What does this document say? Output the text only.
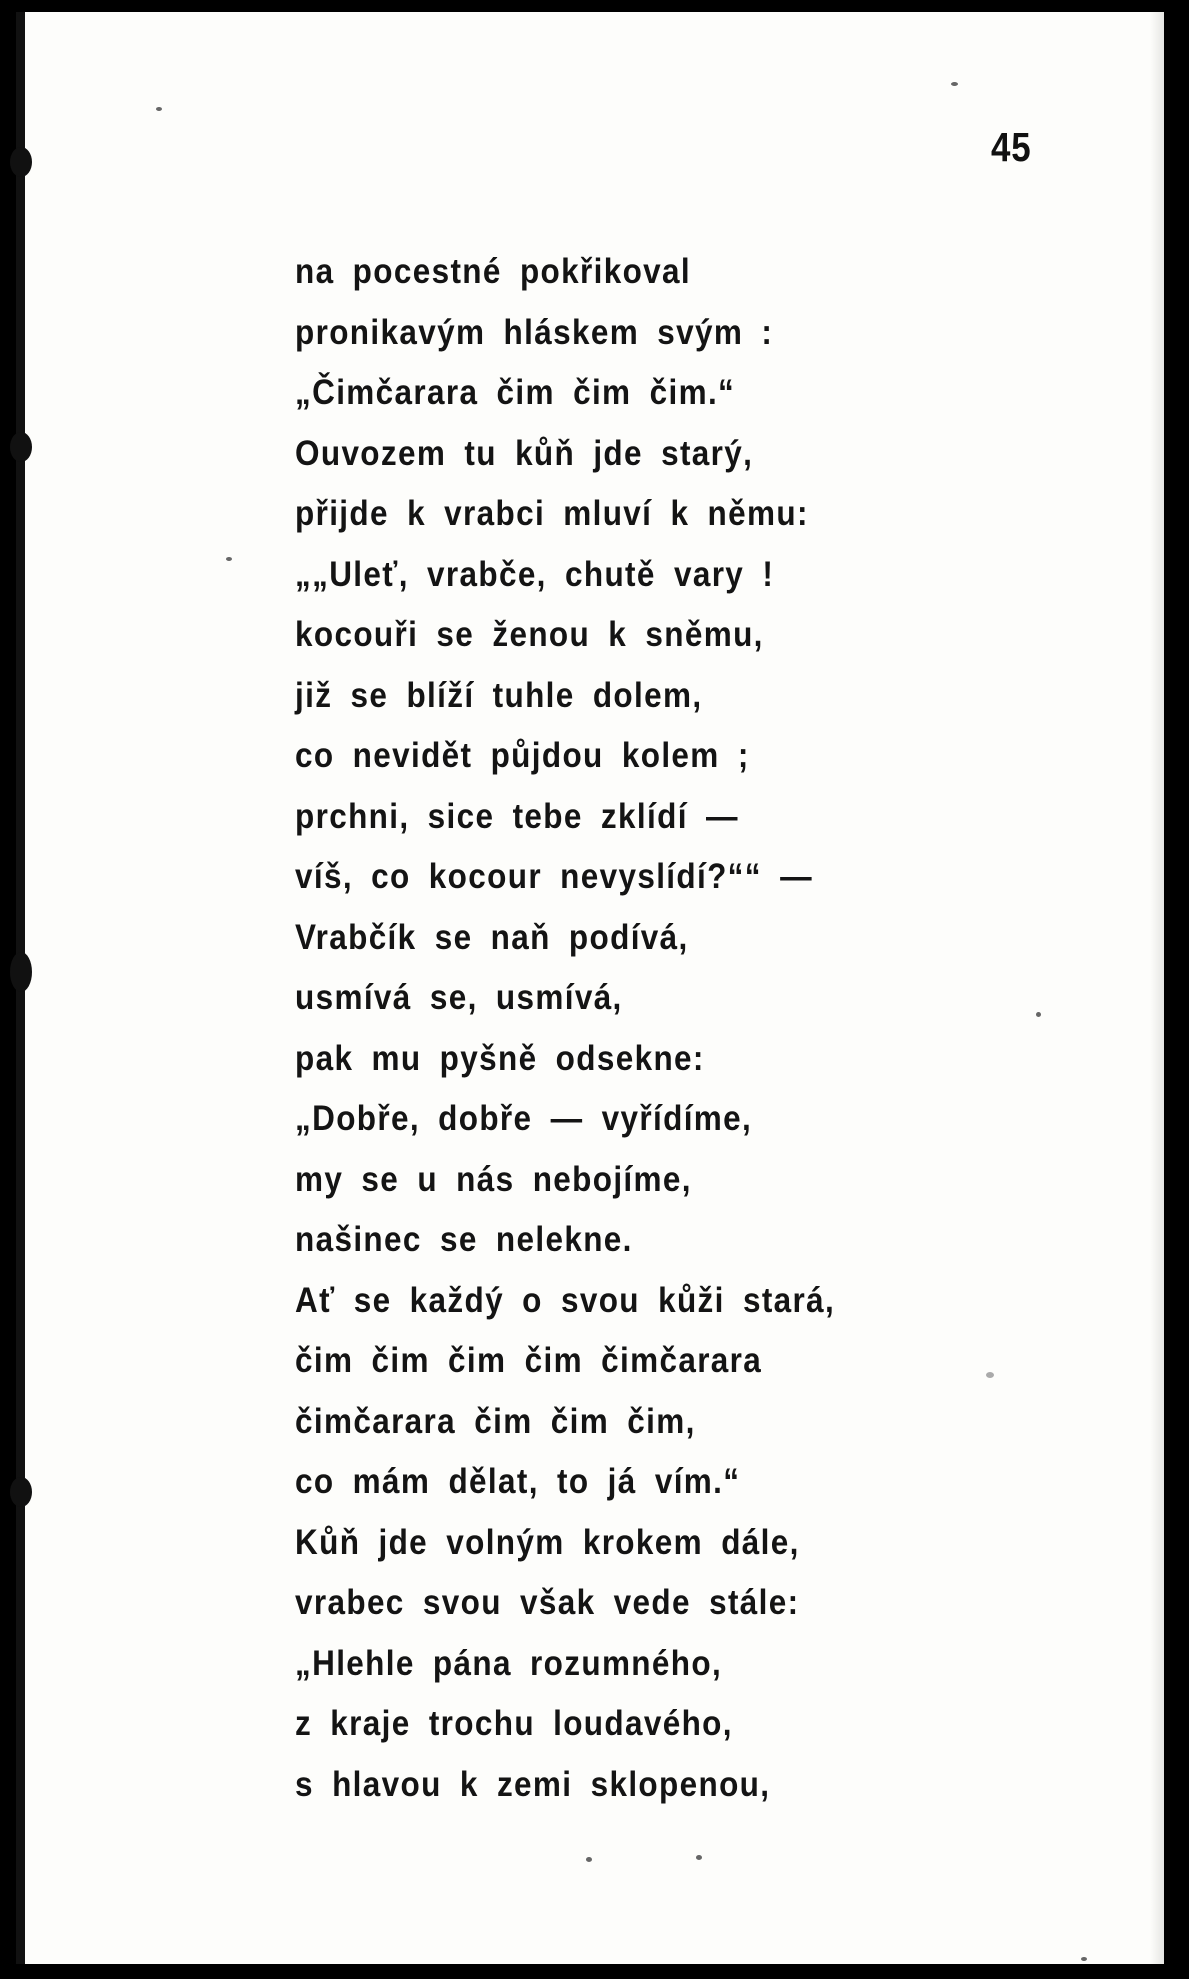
45
na pocestné pokřikoval
pronikavým hláskem svým :
„Čimčarara čim čim čim.“
Ouvozem tu kůň jde starý,
přijde k vrabci mluví k němu:
„„Uleť, vrabče, chutě vary !
kocouři se ženou k sněmu,
již se blíží tuhle dolem,
co nevidět půjdou kolem ;
prchni, sice tebe zklídí —
víš, co kocour nevyslídí?““ —
Vrabčík se naň podívá,
usmívá se, usmívá,
pak mu pyšně odsekne:
„Dobře, dobře — vyřídíme,
my se u nás nebojíme,
našinec se nelekne.
Ať se každý o svou kůži stará,
čim čim čim čim čimčarara
čimčarara čim čim čim,
co mám dělat, to já vím.“
Kůň jde volným krokem dále,
vrabec svou však vede stále:
„Hlehle pána rozumného,
z kraje trochu loudavého,
s hlavou k zemi sklopenou,
